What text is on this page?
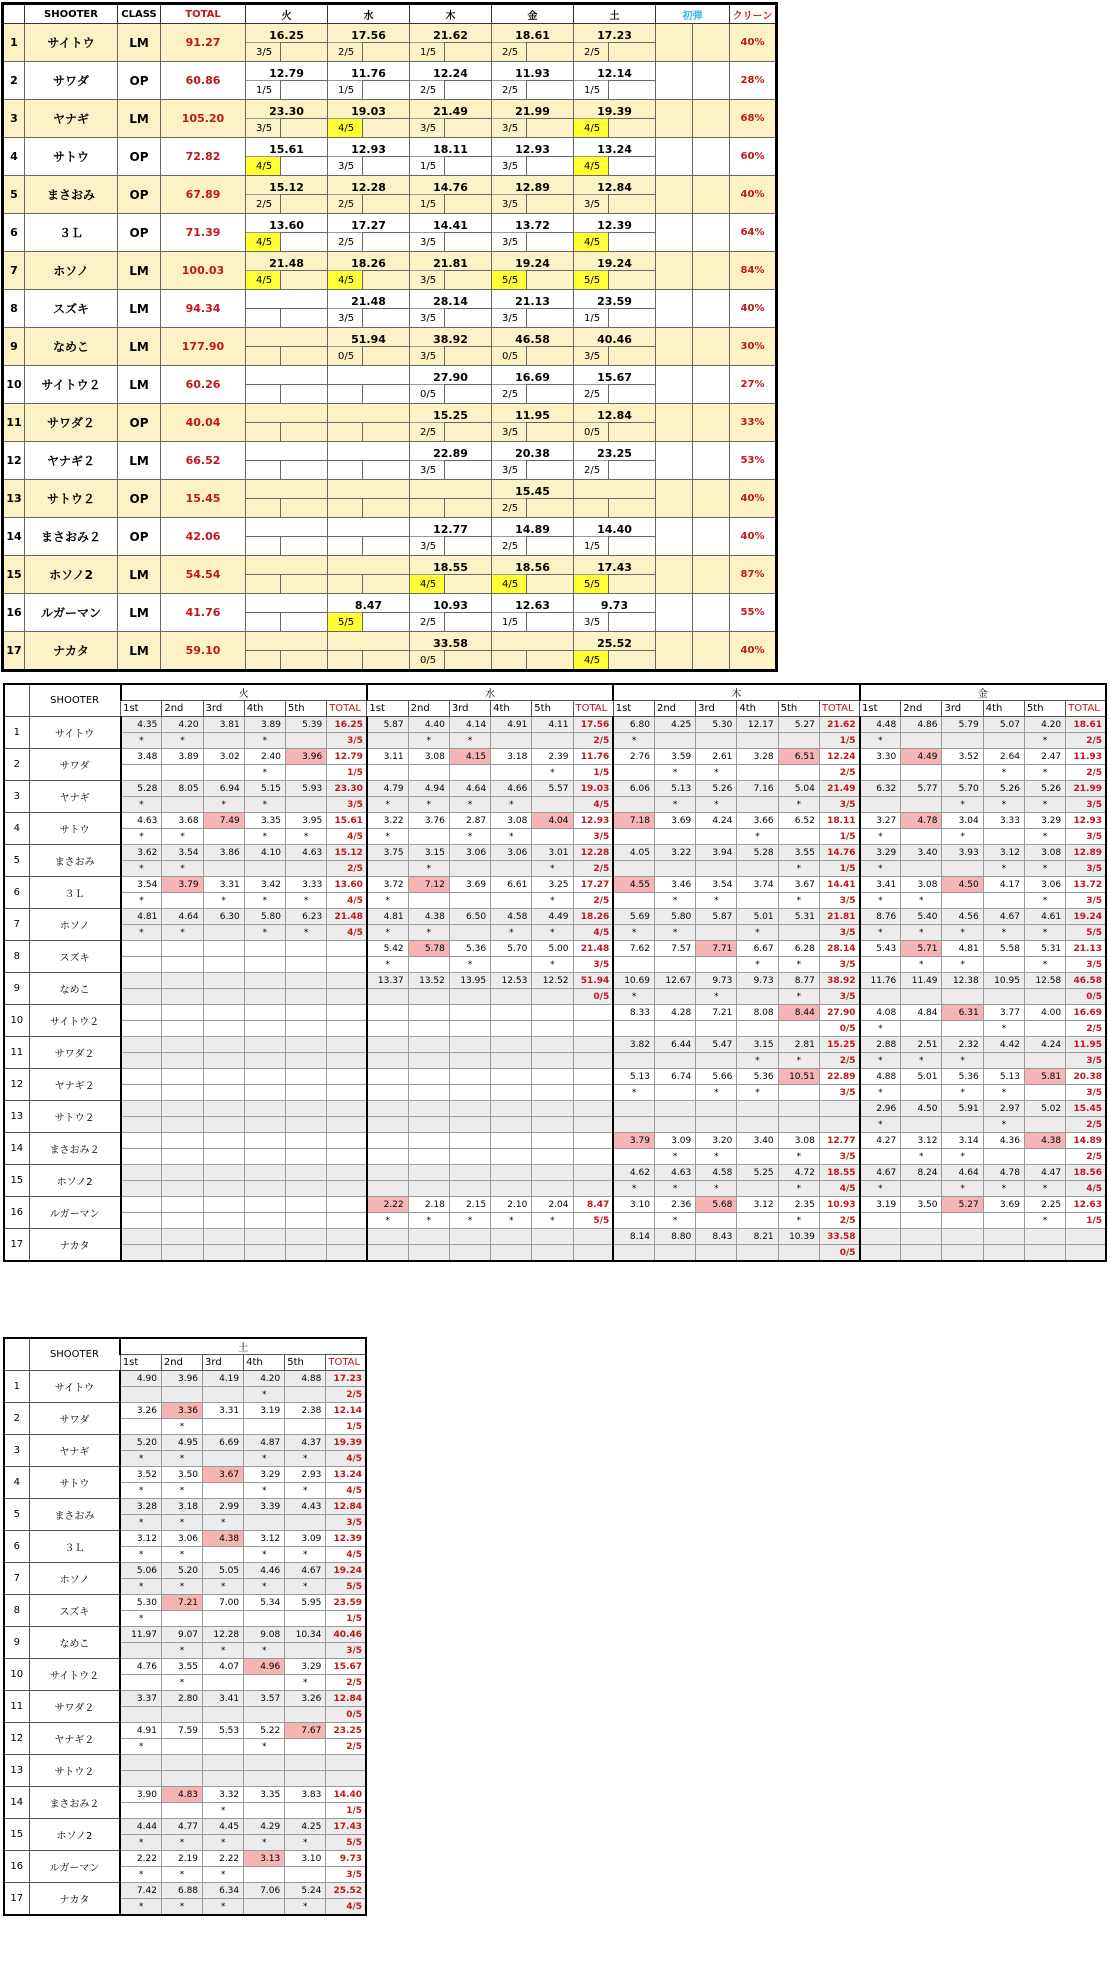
	SHOOTER	CLASS	TOTAL	火		水		木		金		土		初弾		クリーン
1	サイトウ	LM	91.27	16.25		17.56		21.62		18.61		17.23				40%
				3/5		2/5		1/5		2/5		2/5				
2	サワダ	OP	60.86	12.79		11.76		12.24		11.93		12.14				28%
				1/5		1/5		2/5		2/5		1/5				
3	ヤナギ	LM	105.20	23.30		19.03		21.49		21.99		19.39				68%
				3/5		4/5		3/5		3/5		4/5				
4	サトウ	OP	72.82	15.61		12.93		18.11		12.93		13.24				60%
				4/5		3/5		1/5		3/5		4/5				
5	まさおみ	OP	67.89	15.12		12.28		14.76		12.89		12.84				40%
				2/5		2/5		1/5		3/5		3/5				
6	３Ｌ	OP	71.39	13.60		17.27		14.41		13.72		12.39				64%
				4/5		2/5		3/5		3/5		4/5				
7	ホソノ	LM	100.03	21.48		18.26		21.81		19.24		19.24				84%
				4/5		4/5		3/5		5/5		5/5				
8	スズキ	LM	94.34			21.48		28.14		21.13		23.59				40%
						3/5		3/5		3/5		1/5				
9	なめこ	LM	177.90			51.94		38.92		46.58		40.46				30%
						0/5		3/5		0/5		3/5				
10	サイトウ２	LM	60.26					27.90		16.69		15.67				27%
								0/5		2/5		2/5				
11	サワダ２	OP	40.04					15.25		11.95		12.84				33%
								2/5		3/5		0/5				
12	ヤナギ２	LM	66.52					22.89		20.38		23.25				53%
								3/5		3/5		2/5				
13	サトウ２	OP	15.45							15.45						40%
										2/5						
14	まさおみ２	OP	42.06					12.77		14.89		14.40				40%
								3/5		2/5		1/5				
15	ホソノ2	LM	54.54					18.55		18.56		17.43				87%
								4/5		4/5		5/5				
16	ルガーマン	LM	41.76			8.47		10.93		12.63		9.73				55%
						5/5		2/5		1/5		3/5				
17	ナカタ	LM	59.10					33.58				25.52				40%
								0/5				4/5				
	SHOOTER	火						水						木						金					
		1st	2nd	3rd	4th	5th	TOTAL	1st	2nd	3rd	4th	5th	TOTAL	1st	2nd	3rd	4th	5th	TOTAL	1st	2nd	3rd	4th	5th	TOTAL
1	サイトウ	4.35	4.20	3.81	3.89	5.39	16.25	5.87	4.40	4.14	4.91	4.11	17.56	6.80	4.25	5.30	12.17	5.27	21.62	4.48	4.86	5.79	5.07	4.20	18.61
		*	*		*		3/5		*	*			2/5	*					1/5	*				*	2/5
2	サワダ	3.48	3.89	3.02	2.40	3.96	12.79	3.11	3.08	4.15	3.18	2.39	11.76	2.76	3.59	2.61	3.28	6.51	12.24	3.30	4.49	3.52	2.64	2.47	11.93
					*		1/5					*	1/5		*	*			2/5				*	*	2/5
3	ヤナギ	5.28	8.05	6.94	5.15	5.93	23.30	4.79	4.94	4.64	4.66	5.57	19.03	6.06	5.13	5.26	7.16	5.04	21.49	6.32	5.77	5.70	5.26	5.26	21.99
		*		*	*		3/5	*	*	*	*		4/5		*	*		*	3/5			*	*	*	3/5
4	サトウ	4.63	3.68	7.49	3.35	3.95	15.61	3.22	3.76	2.87	3.08	4.04	12.93	7.18	3.69	4.24	3.66	6.52	18.11	3.27	4.78	3.04	3.33	3.29	12.93
		*	*		*	*	4/5	*		*	*		3/5				*		1/5	*		*		*	3/5
5	まさおみ	3.62	3.54	3.86	4.10	4.63	15.12	3.75	3.15	3.06	3.06	3.01	12.28	4.05	3.22	3.94	5.28	3.55	14.76	3.29	3.40	3.93	3.12	3.08	12.89
		*	*				2/5		*			*	2/5					*	1/5	*			*	*	3/5
6	３Ｌ	3.54	3.79	3.31	3.42	3.33	13.60	3.72	7.12	3.69	6.61	3.25	17.27	4.55	3.46	3.54	3.74	3.67	14.41	3.41	3.08	4.50	4.17	3.06	13.72
		*		*	*	*	4/5	*				*	2/5		*	*		*	3/5	*	*			*	3/5
7	ホソノ	4.81	4.64	6.30	5.80	6.23	21.48	4.81	4.38	6.50	4.58	4.49	18.26	5.69	5.80	5.87	5.01	5.31	21.81	8.76	5.40	4.56	4.67	4.61	19.24
		*	*		*	*	4/5	*	*		*	*	4/5	*	*		*		3/5	*	*	*	*	*	5/5
8	スズキ							5.42	5.78	5.36	5.70	5.00	21.48	7.62	7.57	7.71	6.67	6.28	28.14	5.43	5.71	4.81	5.58	5.31	21.13
								*		*		*	3/5				*	*	3/5		*	*		*	3/5
9	なめこ							13.37	13.52	13.95	12.53	12.52	51.94	10.69	12.67	9.73	9.73	8.77	38.92	11.76	11.49	12.38	10.95	12.58	46.58
													0/5	*		*		*	3/5						0/5
10	サイトウ２													8.33	4.28	7.21	8.08	8.44	27.90	4.08	4.84	6.31	3.77	4.00	16.69
																			0/5	*			*		2/5
11	サワダ２													3.82	6.44	5.47	3.15	2.81	15.25	2.88	2.51	2.32	4.42	4.24	11.95
																	*	*	2/5	*	*	*			3/5
12	ヤナギ２													5.13	6.74	5.66	5.36	10.51	22.89	4.88	5.01	5.36	5.13	5.81	20.38
														*		*	*		3/5	*		*	*		3/5
13	サトウ２																			2.96	4.50	5.91	2.97	5.02	15.45
																				*			*		2/5
14	まさおみ２													3.79	3.09	3.20	3.40	3.08	12.77	4.27	3.12	3.14	4.36	4.38	14.89
															*	*		*	3/5		*	*			2/5
15	ホソノ2													4.62	4.63	4.58	5.25	4.72	18.55	4.67	8.24	4.64	4.78	4.47	18.56
														*	*	*		*	4/5	*		*	*	*	4/5
16	ルガーマン							2.22	2.18	2.15	2.10	2.04	8.47	3.10	2.36	5.68	3.12	2.35	10.93	3.19	3.50	5.27	3.69	2.25	12.63
								*	*	*	*	*	5/5		*			*	2/5					*	1/5
17	ナカタ													8.14	8.80	8.43	8.21	10.39	33.58						
																			0/5						
	SHOOTER	土					
		1st	2nd	3rd	4th	5th	TOTAL
1	サイトウ	4.90	3.96	4.19	4.20	4.88	17.23
					*		2/5
2	サワダ	3.26	3.36	3.31	3.19	2.38	12.14
			*				1/5
3	ヤナギ	5.20	4.95	6.69	4.87	4.37	19.39
		*	*		*	*	4/5
4	サトウ	3.52	3.50	3.67	3.29	2.93	13.24
		*	*		*	*	4/5
5	まさおみ	3.28	3.18	2.99	3.39	4.43	12.84
		*	*	*			3/5
6	３Ｌ	3.12	3.06	4.38	3.12	3.09	12.39
		*	*		*	*	4/5
7	ホソノ	5.06	5.20	5.05	4.46	4.67	19.24
		*	*	*	*	*	5/5
8	スズキ	5.30	7.21	7.00	5.34	5.95	23.59
		*					1/5
9	なめこ	11.97	9.07	12.28	9.08	10.34	40.46
			*	*	*		3/5
10	サイトウ２	4.76	3.55	4.07	4.96	3.29	15.67
			*			*	2/5
11	サワダ２	3.37	2.80	3.41	3.57	3.26	12.84
							0/5
12	ヤナギ２	4.91	7.59	5.53	5.22	7.67	23.25
		*			*		2/5
13	サトウ２						

14	まさおみ２	3.90	4.83	3.32	3.35	3.83	14.40
				*			1/5
15	ホソノ2	4.44	4.77	4.45	4.29	4.25	17.43
		*	*	*	*	*	5/5
16	ルガーマン	2.22	2.19	2.22	3.13	3.10	9.73
		*	*	*			3/5
17	ナカタ	7.42	6.88	6.34	7.06	5.24	25.52
		*	*	*		*	4/5
